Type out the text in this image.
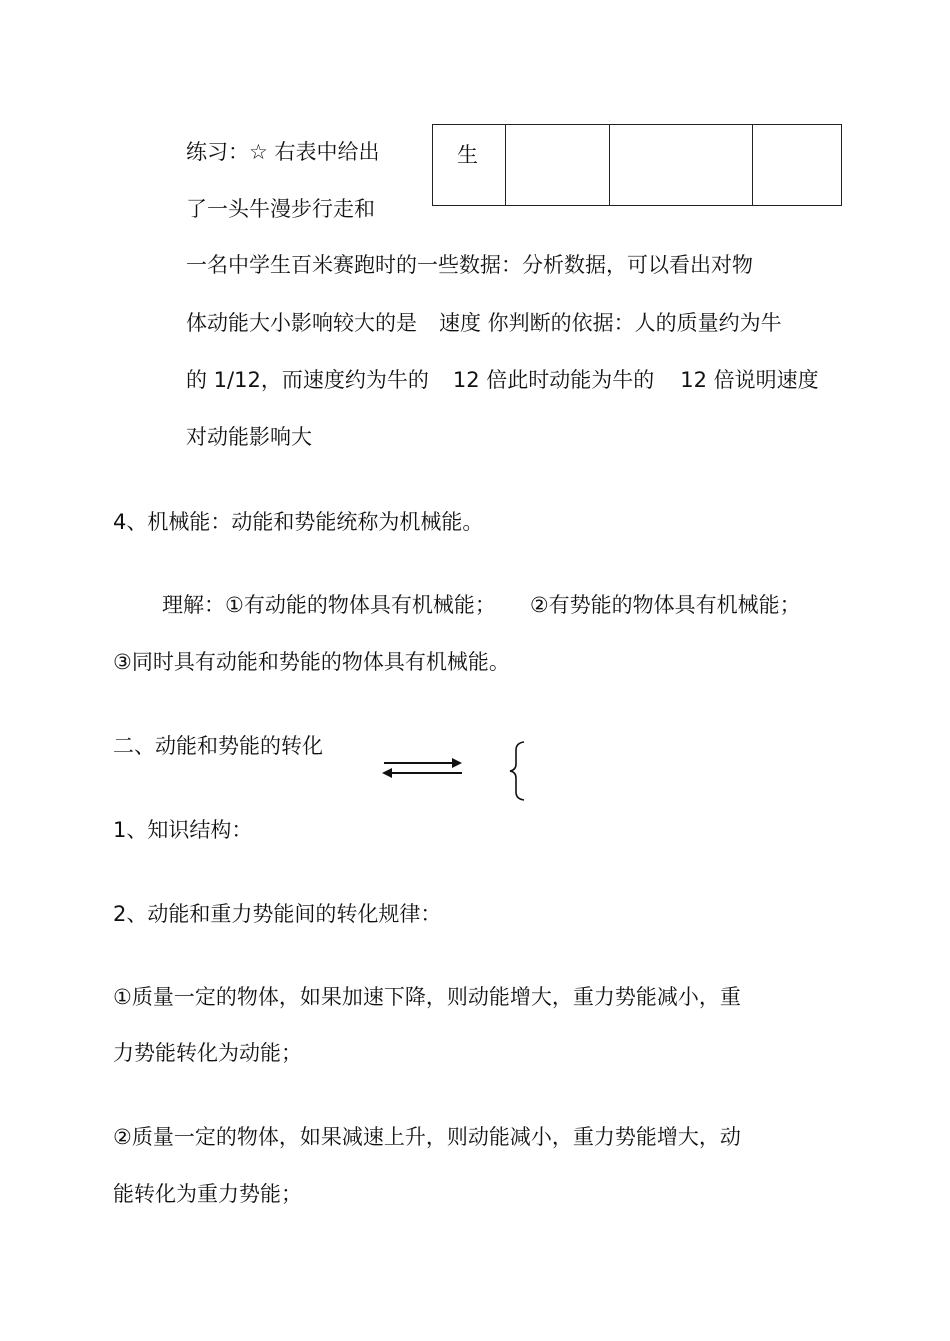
练习：☆ 右表中给出
了一头牛漫步行走和
一名中学生百米赛跑时的一些数据：分析数据，可以看出对物
体动能大小影响较大的是 速度 你判断的依据：人的质量约为牛
的 1/12，而速度约为牛的 12 倍此时动能为牛的 12 倍说明速度
对动能影响大
生

4、机械能：动能和势能统称为机械能。
理解：①有动能的物体具有机械能； ②有势能的物体具有机械能；
③同时具有动能和势能的物体具有机械能。
二、动能和势能的转化
1、知识结构：
2、动能和重力势能间的转化规律：
①质量一定的物体，如果加速下降，则动能增大，重力势能减小，重
力势能转化为动能；
②质量一定的物体，如果减速上升，则动能减小，重力势能增大，动
能转化为重力势能；
